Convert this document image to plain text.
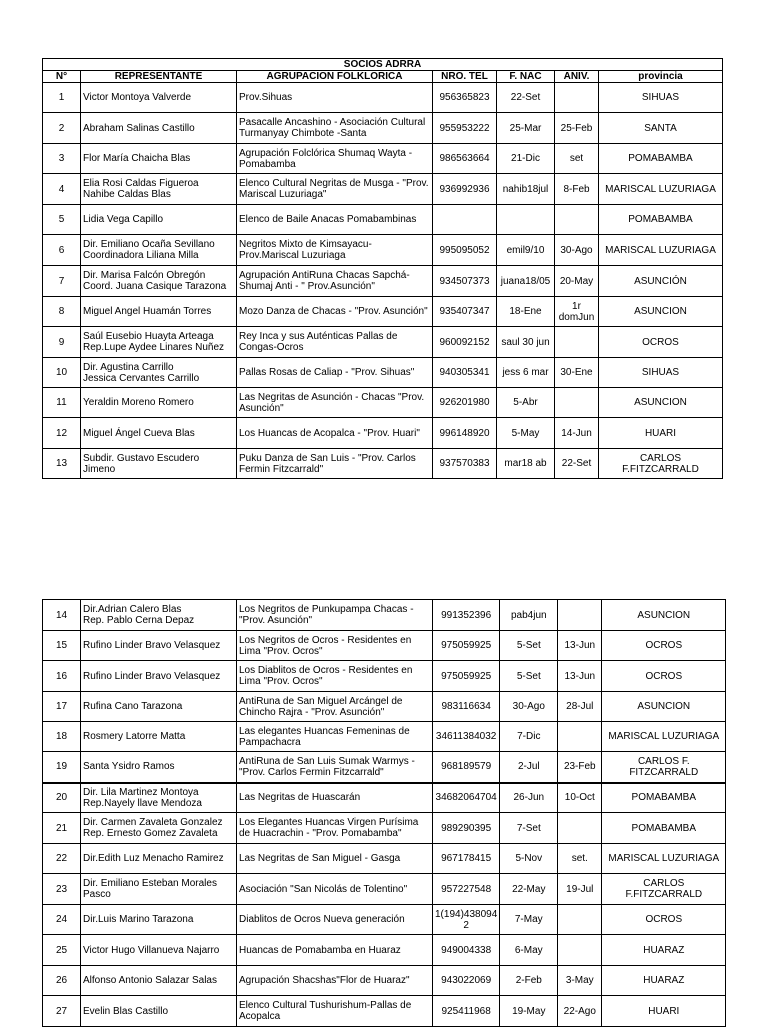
SOCIOS ADRRA						
N°	REPRESENTANTE	AGRUPACION FOLKLORICA	NRO. TEL	F. NAC	ANIV.	provincia
1	Victor Montoya Valverde	Prov.Sihuas	956365823	22-Set		SIHUAS
2	Abraham Salinas Castillo	Pasacalle Ancashino - Asociación Cultural Turmanyay Chimbote -Santa	955953222	25-Mar	25-Feb	SANTA
3	Flor María Chaicha Blas	Agrupación Folclórica Shumaq Wayta - Pomabamba	986563664	21-Dic	set	POMABAMBA
4	Elia Rosi Caldas Figueroa
Nahibe Caldas Blas	Elenco Cultural Negritas de Musga - "Prov. Mariscal Luzuriaga"	936992936	nahib18jul	8-Feb	MARISCAL LUZURIAGA
5	Lidia Vega Capillo	Elenco de Baile Anacas Pomabambinas				POMABAMBA
6	Dir. Emiliano Ocaña Sevillano
Coordinadora Liliana Milla	Negritos Mixto de Kimsayacu-Prov.Mariscal Luzuriaga	995095052	emil9/10	30-Ago	MARISCAL LUZURIAGA
7	Dir. Marisa Falcón Obregón
Coord. Juana Casique Tarazona	Agrupación AntiRuna Chacas Sapchá- Shumaj Anti - " Prov.Asunción"	934507373	juana18/05	20-May	ASUNCIÓN
8	Miguel Angel Huamán Torres	Mozo Danza de Chacas - "Prov. Asunción"	935407347	18-Ene	1r domJun	ASUNCION
9	Saúl Eusebio Huayta Arteaga
Rep.Lupe Aydee Linares Nuñez	Rey Inca y sus Auténticas Pallas de Congas-Ocros	960092152	saul 30 jun		OCROS
10	Dir. Agustina Carrillo
Jessica Cervantes Carrillo	Pallas Rosas de Caliap - "Prov. Sihuas"	940305341	jess 6 mar	30-Ene	SIHUAS
11	Yeraldin Moreno Romero	Las Negritas de Asunción - Chacas "Prov. Asunción"	926201980	5-Abr		ASUNCION
12	Miguel Ángel Cueva Blas	Los Huancas de Acopalca - "Prov. Huari"	996148920	5-May	14-Jun	HUARI
13	Subdir. Gustavo Escudero Jimeno	Puku Danza de San Luis - "Prov. Carlos Fermin Fitzcarrald"	937570383	mar18 ab	22-Set	CARLOS F.FITZCARRALD
14	Dir.Adrian Calero Blas
Rep. Pablo Cerna Depaz	Los Negritos de Punkupampa Chacas - "Prov. Asunción"	991352396	pab4jun		ASUNCION
15	Rufino Linder Bravo Velasquez	Los Negritos de Ocros - Residentes en Lima "Prov. Ocros"	975059925	5-Set	13-Jun	OCROS
16	Rufino Linder Bravo Velasquez	Los Diablitos de Ocros - Residentes en Lima "Prov. Ocros"	975059925	5-Set	13-Jun	OCROS
17	Rufina Cano Tarazona	AntiRuna de San Miguel Arcángel de Chincho Rajra - "Prov. Asunción"	983116634	30-Ago	28-Jul	ASUNCION
18	Rosmery Latorre Matta	Las elegantes Huancas Femeninas de Pampachacra	34611384032	7-Dic		MARISCAL LUZURIAGA
19	Santa Ysidro Ramos	AntiRuna de San Luis Sumak Warmys - "Prov. Carlos Fermin Fitzcarrald"	968189579	2-Jul	23-Feb	CARLOS F. FITZCARRALD
20	Dir. Lila Martinez Montoya
Rep.Nayely llave Mendoza	Las Negritas de Huascarán	34682064704	26-Jun	10-Oct	POMABAMBA
21	Dir. Carmen Zavaleta Gonzalez
Rep. Ernesto Gomez Zavaleta	Los Elegantes Huancas Virgen Purísima de Huacrachin - "Prov. Pomabamba"	989290395	7-Set		POMABAMBA
22	Dir.Edith Luz Menacho Ramirez	Las Negritas de San Miguel - Gasga	967178415	5-Nov	set.	MARISCAL LUZURIAGA
23	Dir. Emiliano Esteban Morales Pasco	Asociación "San Nicolás de Tolentino"	957227548	22-May	19-Jul	CARLOS F.FITZCARRALD
24	Dir.Luis Marino Tarazona	Diablitos de Ocros Nueva generación	1(194)438094 2	7-May		OCROS
25	Victor Hugo Villanueva Najarro	Huancas de Pomabamba en Huaraz	949004338	6-May		HUARAZ
26	Alfonso Antonio Salazar Salas	Agrupación Shacshas"Flor de Huaraz"	943022069	2-Feb	3-May	HUARAZ
27	Evelin Blas Castillo	Elenco Cultural Tushurishum-Pallas de Acopalca	925411968	19-May	22-Ago	HUARI
